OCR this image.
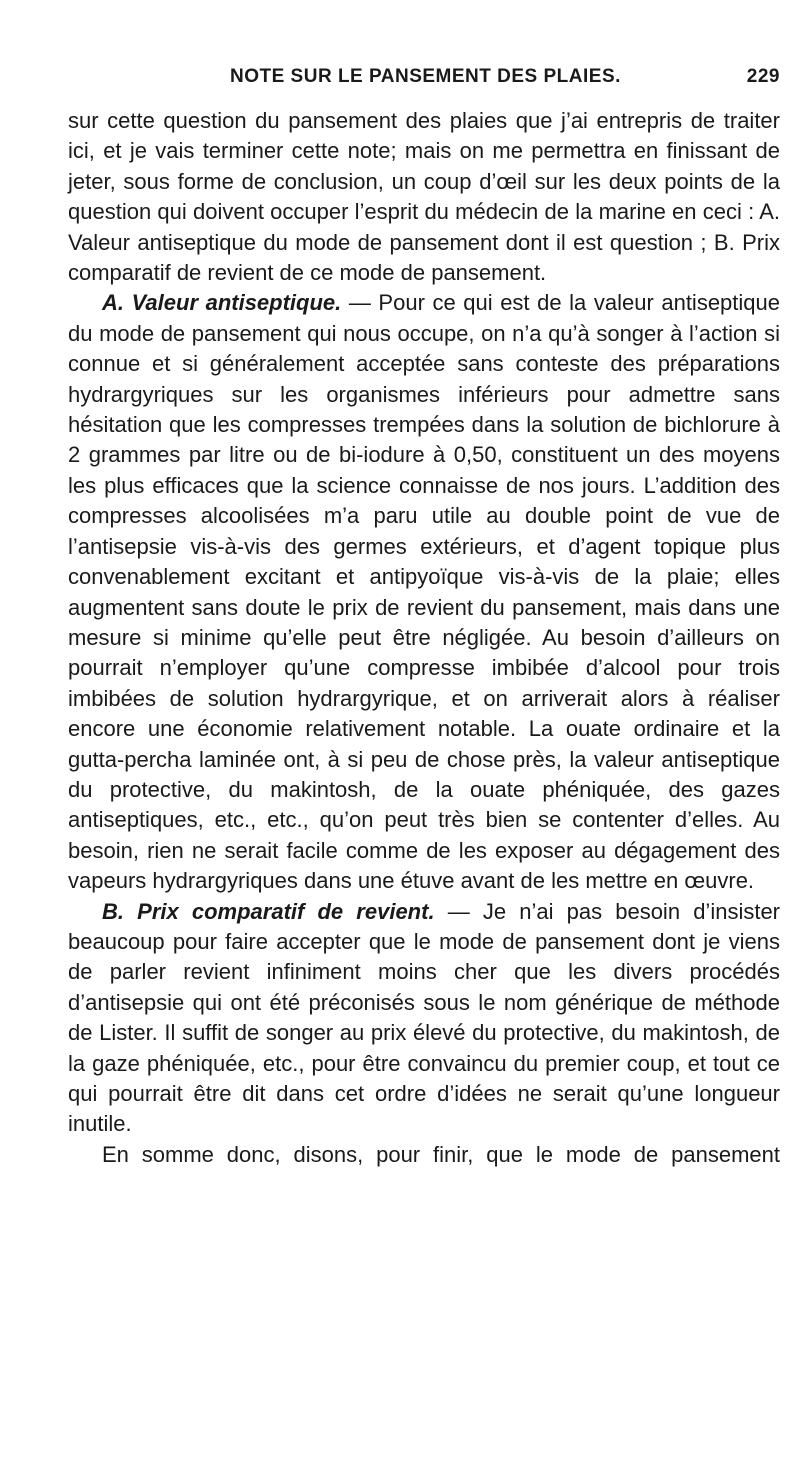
NOTE SUR LE PANSEMENT DES PLAIES.	229

sur cette question du pansement des plaies que j’ai entrepris de traiter ici, et je vais terminer cette note; mais on me permettra en finissant de jeter, sous forme de conclusion, un coup d’œil sur les deux points de la question qui doivent occuper l’esprit du médecin de la marine en ceci : A. Valeur antiseptique du mode de pansement dont il est question ; B. Prix comparatif de revient de ce mode de pansement.

A. Valeur antiseptique. — Pour ce qui est de la valeur antiseptique du mode de pansement qui nous occupe, on n’a qu’à songer à l’action si connue et si généralement acceptée sans conteste des préparations hydrargyriques sur les organismes inférieurs pour admettre sans hésitation que les compresses trempées dans la solution de bichlorure à 2 grammes par litre ou de bi-iodure à 0,50, constituent un des moyens les plus efficaces que la science connaisse de nos jours. L’addition des compresses alcoolisées m’a paru utile au double point de vue de l’antisepsie vis-à-vis des germes extérieurs, et d’agent topique plus convenablement excitant et antipyoïque vis-à-vis de la plaie; elles augmentent sans doute le prix de revient du pansement, mais dans une mesure si minime qu’elle peut être négligée. Au besoin d’ailleurs on pourrait n’employer qu’une compresse imbibée d’alcool pour trois imbibées de solution hydrargyrique, et on arriverait alors à réaliser encore une économie relativement notable. La ouate ordinaire et la gutta-percha laminée ont, à si peu de chose près, la valeur antiseptique du protective, du makintosh, de la ouate phéniquée, des gazes antiseptiques, etc., etc., qu’on peut très bien se contenter d’elles. Au besoin, rien ne serait facile comme de les exposer au dégagement des vapeurs hydrargyriques dans une étuve avant de les mettre en œuvre.

B. Prix comparatif de revient. — Je n’ai pas besoin d’insister beaucoup pour faire accepter que le mode de pansement dont je viens de parler revient infiniment moins cher que les divers procédés d’antisepsie qui ont été préconisés sous le nom générique de méthode de Lister. Il suffit de songer au prix élevé du protective, du makintosh, de la gaze phéniquée, etc., pour être convaincu du premier coup, et tout ce qui pourrait être dit dans cet ordre d’idées ne serait qu’une longueur inutile.

En somme donc, disons, pour finir, que le mode de pansement
